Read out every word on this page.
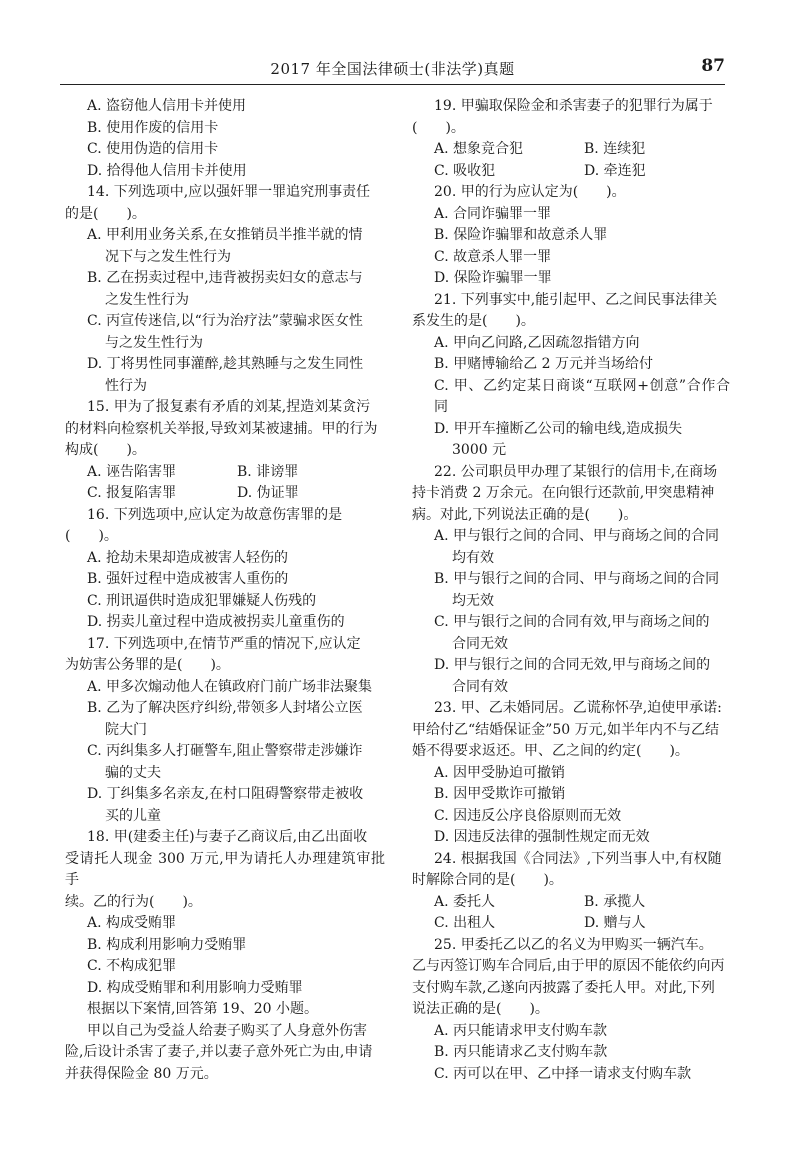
2017 年全国法律硕士(非法学)真题	87

A. 盗窃他人信用卡并使用

B. 使用作废的信用卡

C. 使用伪造的信用卡

D. 拾得他人信用卡并使用

14. 下列选项中,应以强奸罪一罪追究刑事责任

的是(　　)。

A. 甲利用业务关系,在女推销员半推半就的情

况下与之发生性行为

B. 乙在拐卖过程中,违背被拐卖妇女的意志与

之发生性行为

C. 丙宣传迷信,以“行为治疗法”蒙骗求医女性

与之发生性行为

D. 丁将男性同事灌醉,趁其熟睡与之发生同性

性行为

15. 甲为了报复素有矛盾的刘某,捏造刘某贪污

的材料向检察机关举报,导致刘某被逮捕。甲的行为

构成(　　)。

A. 诬告陷害罪	B. 诽谤罪
C. 报复陷害罪	D. 伪证罪

16. 下列选项中,应认定为故意伤害罪的是

(　　)。

A. 抢劫未果却造成被害人轻伤的

B. 强奸过程中造成被害人重伤的

C. 刑讯逼供时造成犯罪嫌疑人伤残的

D. 拐卖儿童过程中造成被拐卖儿童重伤的

17. 下列选项中,在情节严重的情况下,应认定

为妨害公务罪的是(　　)。

A. 甲多次煽动他人在镇政府门前广场非法聚集

B. 乙为了解决医疗纠纷,带领多人封堵公立医

院大门

C. 丙纠集多人打砸警车,阻止警察带走涉嫌诈

骗的丈夫

D. 丁纠集多名亲友,在村口阻碍警察带走被收

买的儿童

18. 甲(建委主任)与妻子乙商议后,由乙出面收

受请托人现金 300 万元,甲为请托人办理建筑审批手

续。乙的行为(　　)。

A. 构成受贿罪

B. 构成利用影响力受贿罪

C. 不构成犯罪

D. 构成受贿罪和利用影响力受贿罪

根据以下案情,回答第 19、20 小题。

甲以自己为受益人给妻子购买了人身意外伤害

险,后设计杀害了妻子,并以妻子意外死亡为由,申请

并获得保险金 80 万元。

19. 甲骗取保险金和杀害妻子的犯罪行为属于

(　　)。

A. 想象竞合犯	B. 连续犯
C. 吸收犯	D. 牵连犯

20. 甲的行为应认定为(　　)。

A. 合同诈骗罪一罪

B. 保险诈骗罪和故意杀人罪

C. 故意杀人罪一罪

D. 保险诈骗罪一罪

21. 下列事实中,能引起甲、乙之间民事法律关

系发生的是(　　)。

A. 甲向乙问路,乙因疏忽指错方向

B. 甲赌博输给乙 2 万元并当场给付

C. 甲、乙约定某日商谈“互联网+创意”合作合同

D. 甲开车撞断乙公司的输电线,造成损失

3000 元

22. 公司职员甲办理了某银行的信用卡,在商场

持卡消费 2 万余元。在向银行还款前,甲突患精神

病。对此,下列说法正确的是(　　)。

A. 甲与银行之间的合同、甲与商场之间的合同

均有效

B. 甲与银行之间的合同、甲与商场之间的合同

均无效

C. 甲与银行之间的合同有效,甲与商场之间的

合同无效

D. 甲与银行之间的合同无效,甲与商场之间的

合同有效

23. 甲、乙未婚同居。乙谎称怀孕,迫使甲承诺:

甲给付乙“结婚保证金”50 万元,如半年内不与乙结

婚不得要求返还。甲、乙之间的约定(　　)。

A. 因甲受胁迫可撤销

B. 因甲受欺诈可撤销

C. 因违反公序良俗原则而无效

D. 因违反法律的强制性规定而无效

24. 根据我国《合同法》,下列当事人中,有权随

时解除合同的是(　　)。

A. 委托人	B. 承揽人
C. 出租人	D. 赠与人

25. 甲委托乙以乙的名义为甲购买一辆汽车。

乙与丙签订购车合同后,由于甲的原因不能依约向丙

支付购车款,乙遂向丙披露了委托人甲。对此,下列

说法正确的是(　　)。

A. 丙只能请求甲支付购车款

B. 丙只能请求乙支付购车款

C. 丙可以在甲、乙中择一请求支付购车款
